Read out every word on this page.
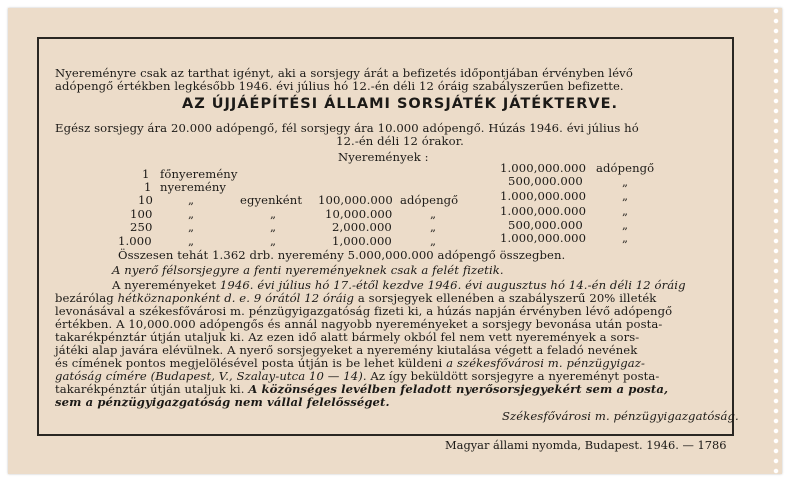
Nyereményre csak az tarthat igényt, aki a sorsjegy árát a befizetés időpontjában érvényben lévő
adópengő értékben legkésőbb 1946. évi július hó 12.-én déli 12 óráig szabályszerűen befizette.
AZ ÚJJÁÉPÍTÉSI ÁLLAMI SORSJÁTÉK JÁTÉKTERVE.
Egész sorsjegy ára 20.000 adópengő, fél sorsjegy ára 10.000 adópengő. Húzás 1946. évi július hó
12.-én déli 12 órakor.
Nyeremények :
1 főnyeremény	1.000,000.000 adópengő
1 nyeremény	500,000.000	„
10	„	egyenként 100,000.000 adópengő	1.000,000.000	„
100	„	„	10,000.000	„	1.000,000.000	„
250	„	„	2,000.000	„	500,000.000	„
1.000	„	„	1,000.000	„	1.000,000.000	„
Összesen tehát 1.362 drb. nyeremény 5.000,000.000 adópengő összegben.
A nyerő félsorsjegyre a fenti nyereményeknek csak a felét fizetik.
A nyereményeket 1946. évi július hó 17.-étől kezdve 1946. évi augusztus hó 14.-én déli 12 óráig
bezárólag hétköznaponként d. e. 9 órától 12 óráig a sorsjegyek ellenében a szabályszerű 20% illeték
levonásával a székesfővárosi m. pénzügyigazgatóság fizeti ki, a húzás napján érvényben lévő adópengő
értékben. A 10,000.000 adópengős és annál nagyobb nyereményeket a sorsjegy bevonása után posta-
takarékpénztár útján utaljuk ki. Az ezen idő alatt bármely okból fel nem vett nyeremények a sors-
játéki alap javára elévülnek. A nyerő sorsjegyeket a nyeremény kiutalása végett a feladó nevének
és címének pontos megjelölésével posta útján is be lehet küldeni a székesfővárosi m. pénzügyigaz-
gatóság címére (Budapest, V., Szalay-utca 10 — 14). Az így beküldött sorsjegyre a nyereményt posta-
takarékpénztár útján utaljuk ki. A közönséges levélben feladott nyerősorsjegyekért sem a posta,
sem a pénzügyigazgatóság nem vállal felelősséget.
Székesfővárosi m. pénzügyigazgatóság.
Magyar állami nyomda, Budapest. 1946. — 1786
